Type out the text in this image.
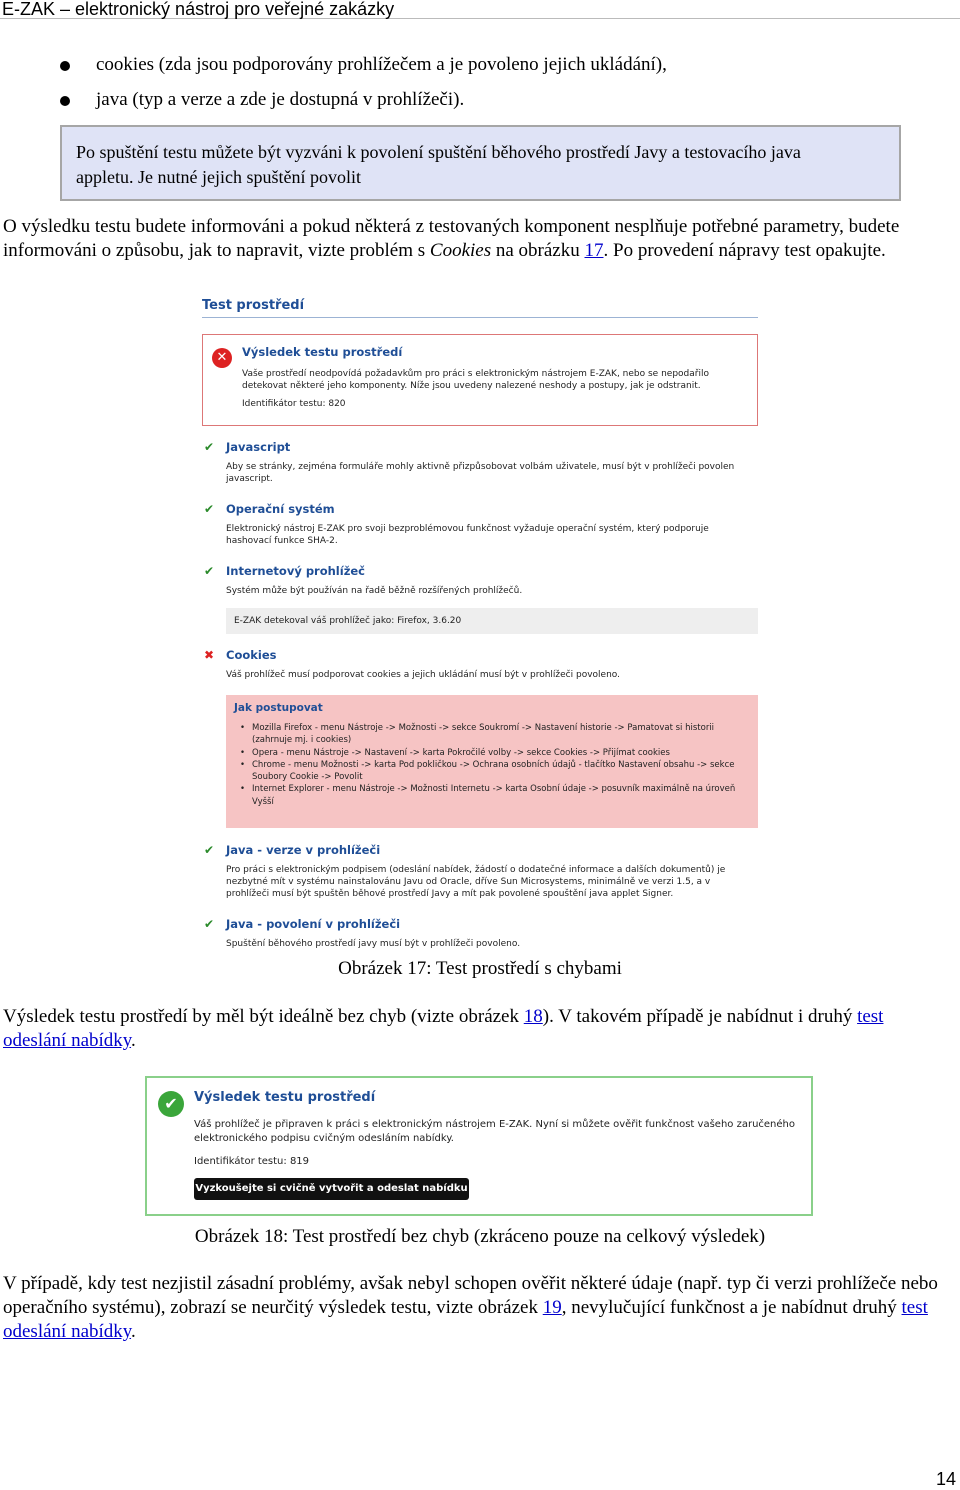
E-ZAK – elektronický nástroj pro veřejné zakázky
cookies (zda jsou podporovány prohlížečem a je povoleno jejich ukládání),
java (typ a verze a zde je dostupná v prohlížeči).
Po spuštění testu můžete být vyzváni k povolení spuštění běhového prostředí Javy a testovacího java
appletu. Je nutné jejich spuštění povolit

O výsledku testu budete informováni a pokud některá z testovaných komponent nesplňuje potřebné parametry, budete informováni o způsobu, jak to napravit, vizte problém s Cookies na obrázku 17. Po provedení nápravy test opakujte.

Test prostředí
✕	Výsledek testu prostředí
Vaše prostředí neodpovídá požadavkům pro práci s elektronickým nástrojem E-ZAK, nebo se nepodařilo detekovat některé jeho komponenty. Níže jsou uvedeny nalezené neshody a postupy, jak je odstranit.
Identifikátor testu: 820
✔ Javascript
Aby se stránky, zejména formuláře mohly aktivně přizpůsobovat volbám uživatele, musí být v prohlížeči povolen javascript.
✔ Operační systém
Elektronický nástroj E-ZAK pro svoji bezproblémovou funkčnost vyžaduje operační systém, který podporuje hashovací funkce SHA-2.
✔ Internetový prohlížeč
Systém může být používán na řadě běžně rozšířených prohlížečů.
E-ZAK detekoval váš prohlížeč jako: Firefox, 3.6.20
✖ Cookies
Váš prohlížeč musí podporovat cookies a jejich ukládání musí být v prohlížeči povoleno.
Jak postupovat
• Mozilla Firefox - menu Nástroje -> Možnosti -> sekce Soukromí -> Nastavení historie -> Pamatovat si historii (zahrnuje mj. i cookies)
• Opera - menu Nástroje -> Nastavení -> karta Pokročilé volby -> sekce Cookies -> Přijímat cookies
• Chrome - menu Možnosti -> karta Pod pokličkou -> Ochrana osobních údajů - tlačítko Nastavení obsahu -> sekce Soubory Cookie -> Povolit
• Internet Explorer - menu Nástroje -> Možnosti Internetu -> karta Osobní údaje -> posuvník maximálně na úroveň Vyšší
✔ Java - verze v prohlížeči
Pro práci s elektronickým podpisem (odeslání nabídek, žádostí o dodatečné informace a dalších dokumentů) je nezbytné mít v systému nainstalovánu Javu od Oracle, dříve Sun Microsystems, minimálně ve verzi 1.5, a v prohlížeči musí být spuštěn běhové prostředí Javy a mít pak povolené spouštění java applet Signer.
✔ Java - povolení v prohlížeči
Spuštění běhového prostředí javy musí být v prohlížeči povoleno.
Obrázek 17: Test prostředí s chybami

Výsledek testu prostředí by měl být ideálně bez chyb (vizte obrázek 18). V takovém případě je nabídnut i druhý test odeslání nabídky.

✔	Výsledek testu prostředí
Váš prohlížeč je připraven k práci s elektronickým nástrojem E-ZAK. Nyní si můžete ověřit funkčnost vašeho zaručeného elektronického podpisu cvičným odesláním nabídky.
Identifikátor testu: 819
Vyzkoušejte si cvičně vytvořit a odeslat nabídku
Obrázek 18: Test prostředí bez chyb (zkráceno pouze na celkový výsledek)

V případě, kdy test nezjistil zásadní problémy, avšak nebyl schopen ověřit některé údaje (např. typ či verzi prohlížeče nebo operačního systému), zobrazí se neurčitý výsledek testu, vizte obrázek 19, nevylučující funkčnost a je nabídnut druhý test odeslání nabídky.

14
